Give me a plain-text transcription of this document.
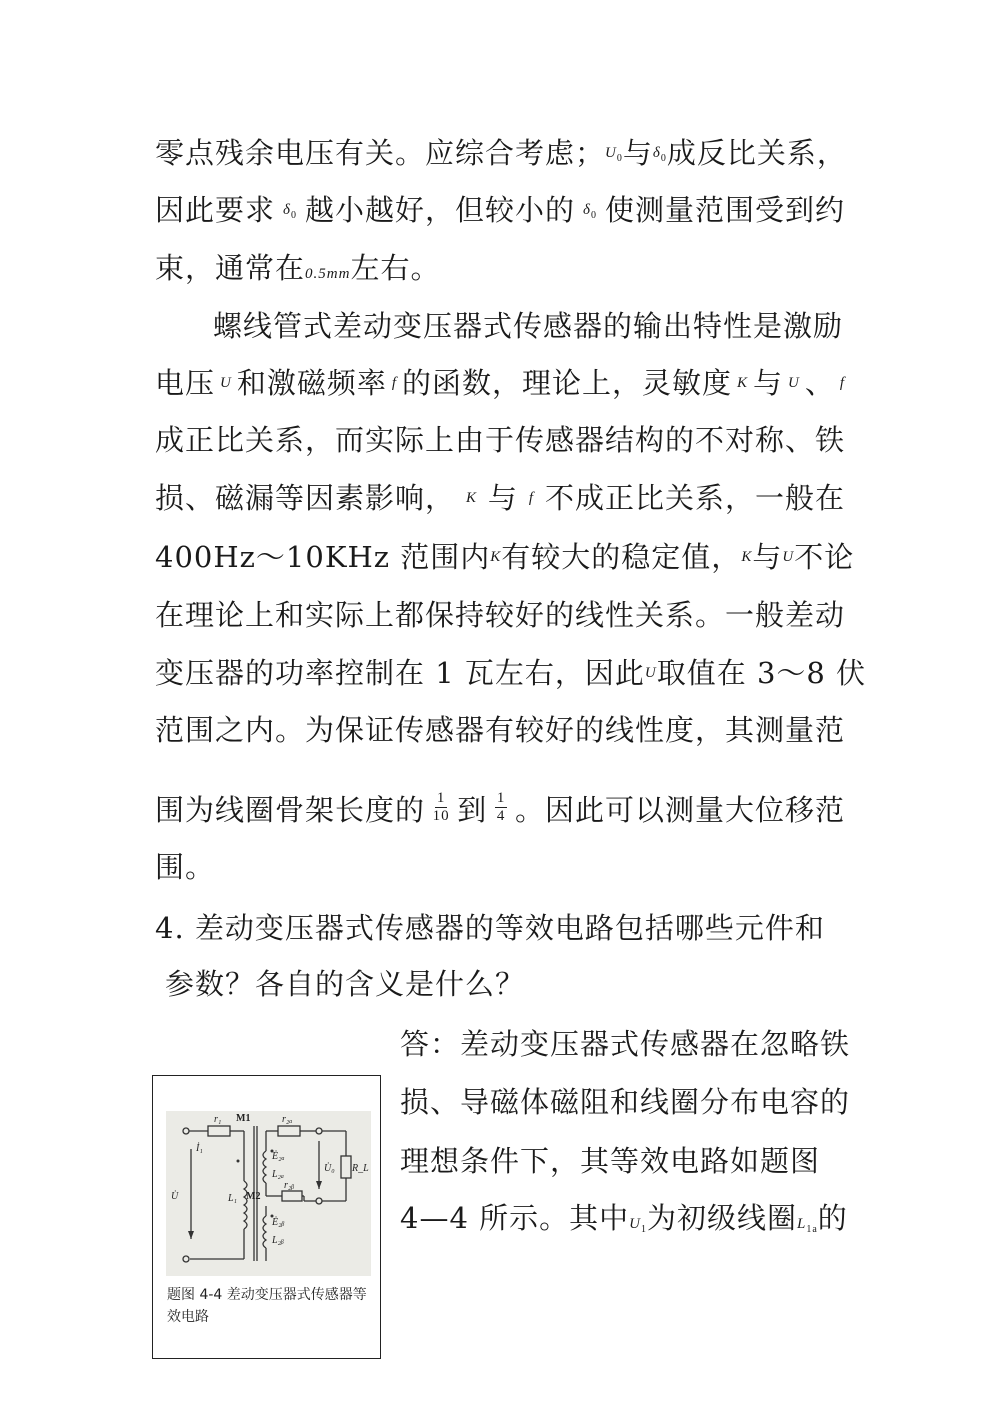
零点残余电压有关。应综合考虑； $U_0$ 与 $\delta_0$ 成反比关系，
因此要求 $\delta_0$ 越小越好，但较小的 $\delta_0$ 使测量范围受到约
束，通常在0.5mm左右。
螺线管式差动变压器式传感器的输出特性是激励
电压 U 和激磁频率 f 的函数，理论上，灵敏度 K 与 U 、 f
成正比关系，而实际上由于传感器结构的不对称、铁
损、磁漏等因素影响， K 与 f 不成正比关系，一般在
400Hz～10KHz 范围内 K 有较大的稳定值， K 与 U 不论
在理论上和实际上都保持较好的线性关系。一般差动
变压器的功率控制在 1 瓦左右，因此 U 取值在 3～8 伏
范围之内。为保证传感器有较好的线性度，其测量范
围为线圈骨架长度的 $\frac{1}{10}$ 到 $\frac{1}{4}$ 。因此可以测量大位移范
围。
4. 差动变压器式传感器的等效电路包括哪些元件和
参数？各自的含义是什么？
答：差动变压器式传感器在忽略铁
损、导磁体磁阻和线圈分布电容的
理想条件下，其等效电路如题图
4—4 所示。其中$U_1$为初级线圈$L_{1a}$的
M1
r₁
İ₁
L₁
U̇	M2
r₂ₐ
Ė₂ₐ
L₂ₐ
U̇₀ R_L
r₂ᵦ
Ė₂ᵦ
L₂ᵦ
题图 4-4 差动变压器式传感器等效电路
